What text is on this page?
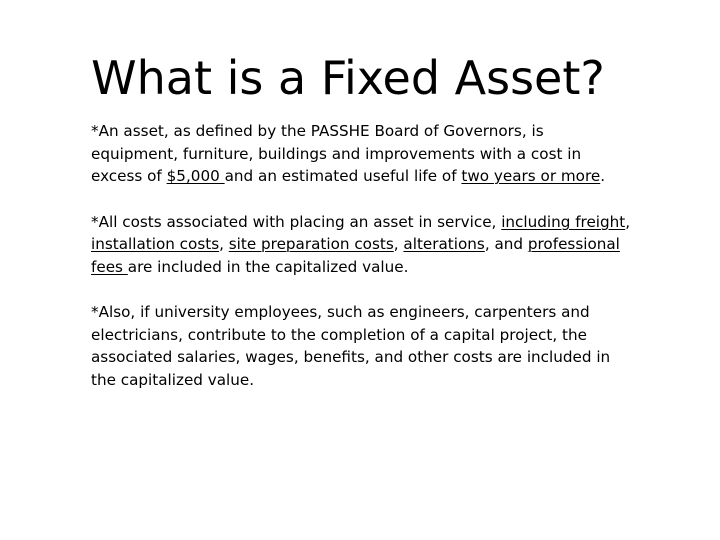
What is a Fixed Asset?

*An asset, as defined by the PASSHE Board of Governors, is
equipment, furniture, buildings and improvements with a cost in
excess of $5,000 and an estimated useful life of two years or more.

*All costs associated with placing an asset in service, including freight,
installation costs, site preparation costs, alterations, and professional
fees are included in the capitalized value.

*Also, if university employees, such as engineers, carpenters and
electricians, contribute to the completion of a capital project, the
associated salaries, wages, benefits, and other costs are included in
the capitalized value.
